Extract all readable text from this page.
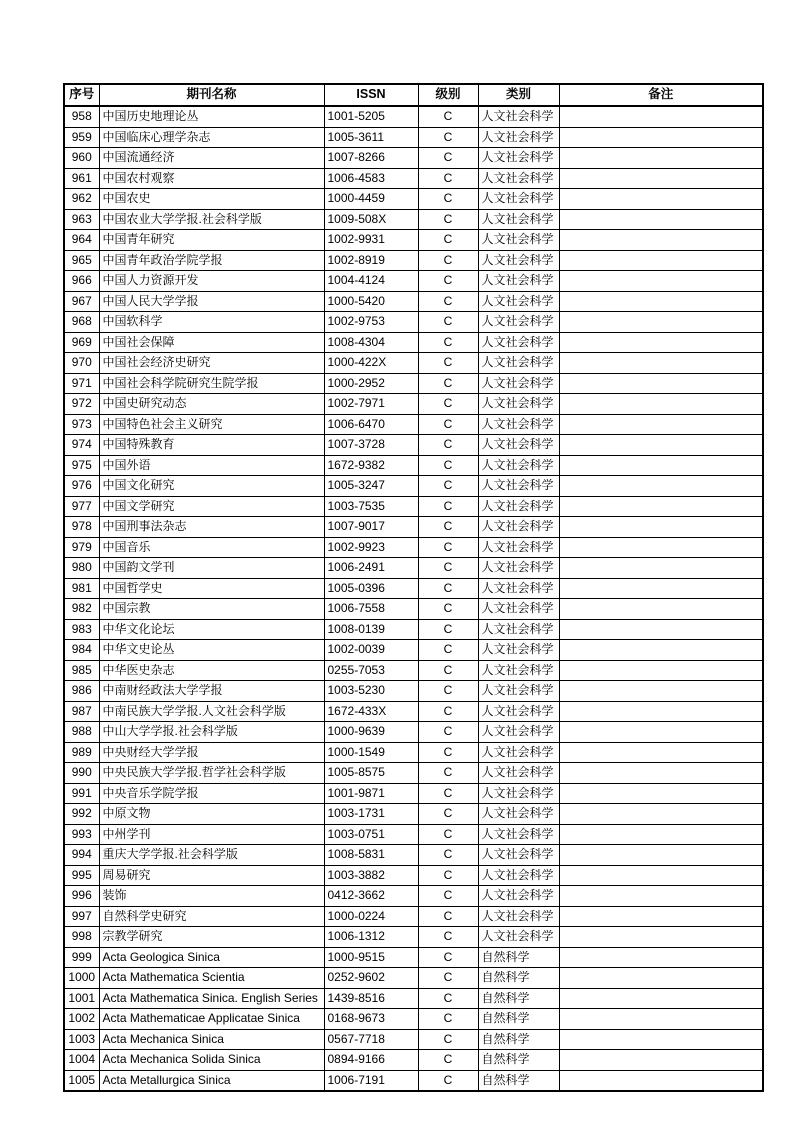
序号	期刊名称	ISSN	级别	类别	备注
958	中国历史地理论丛	1001-5205	C	人文社会科学	
959	中国临床心理学杂志	1005-3611	C	人文社会科学	
960	中国流通经济	1007-8266	C	人文社会科学	
961	中国农村观察	1006-4583	C	人文社会科学	
962	中国农史	1000-4459	C	人文社会科学	
963	中国农业大学学报.社会科学版	1009-508X	C	人文社会科学	
964	中国青年研究	1002-9931	C	人文社会科学	
965	中国青年政治学院学报	1002-8919	C	人文社会科学	
966	中国人力资源开发	1004-4124	C	人文社会科学	
967	中国人民大学学报	1000-5420	C	人文社会科学	
968	中国软科学	1002-9753	C	人文社会科学	
969	中国社会保障	1008-4304	C	人文社会科学	
970	中国社会经济史研究	1000-422X	C	人文社会科学	
971	中国社会科学院研究生院学报	1000-2952	C	人文社会科学	
972	中国史研究动态	1002-7971	C	人文社会科学	
973	中国特色社会主义研究	1006-6470	C	人文社会科学	
974	中国特殊教育	1007-3728	C	人文社会科学	
975	中国外语	1672-9382	C	人文社会科学	
976	中国文化研究	1005-3247	C	人文社会科学	
977	中国文学研究	1003-7535	C	人文社会科学	
978	中国刑事法杂志	1007-9017	C	人文社会科学	
979	中国音乐	1002-9923	C	人文社会科学	
980	中国韵文学刊	1006-2491	C	人文社会科学	
981	中国哲学史	1005-0396	C	人文社会科学	
982	中国宗教	1006-7558	C	人文社会科学	
983	中华文化论坛	1008-0139	C	人文社会科学	
984	中华文史论丛	1002-0039	C	人文社会科学	
985	中华医史杂志	0255-7053	C	人文社会科学	
986	中南财经政法大学学报	1003-5230	C	人文社会科学	
987	中南民族大学学报.人文社会科学版	1672-433X	C	人文社会科学	
988	中山大学学报.社会科学版	1000-9639	C	人文社会科学	
989	中央财经大学学报	1000-1549	C	人文社会科学	
990	中央民族大学学报.哲学社会科学版	1005-8575	C	人文社会科学	
991	中央音乐学院学报	1001-9871	C	人文社会科学	
992	中原文物	1003-1731	C	人文社会科学	
993	中州学刊	1003-0751	C	人文社会科学	
994	重庆大学学报.社会科学版	1008-5831	C	人文社会科学	
995	周易研究	1003-3882	C	人文社会科学	
996	装饰	0412-3662	C	人文社会科学	
997	自然科学史研究	1000-0224	C	人文社会科学	
998	宗教学研究	1006-1312	C	人文社会科学	
999	Acta Geologica Sinica	1000-9515	C	自然科学	
1000	Acta Mathematica Scientia	0252-9602	C	自然科学	
1001	Acta Mathematica Sinica. English Series	1439-8516	C	自然科学	
1002	Acta Mathematicae Applicatae Sinica	0168-9673	C	自然科学	
1003	Acta Mechanica Sinica	0567-7718	C	自然科学	
1004	Acta Mechanica Solida Sinica	0894-9166	C	自然科学	
1005	Acta Metallurgica Sinica	1006-7191	C	自然科学	
